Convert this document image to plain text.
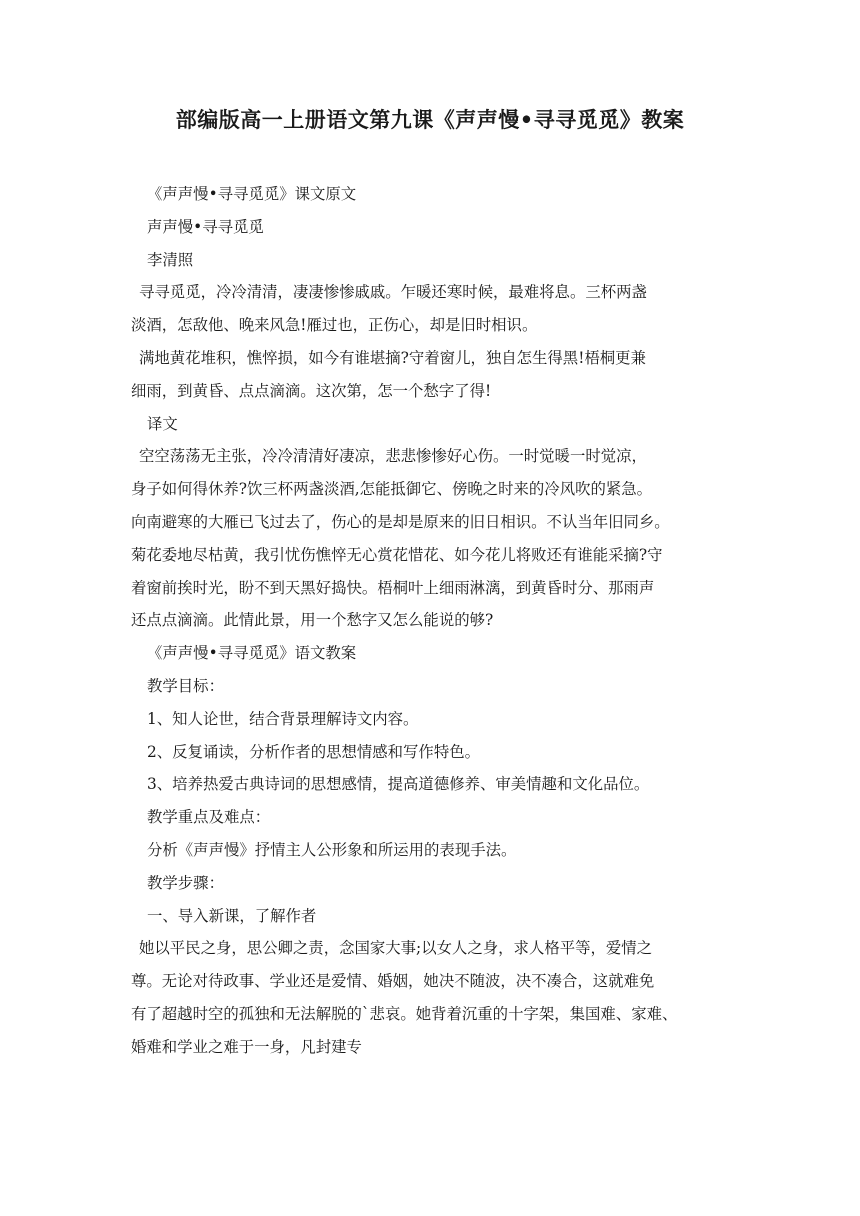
部编版高一上册语文第九课《声声慢•寻寻觅觅》教案
《声声慢•寻寻觅觅》课文原文
声声慢•寻寻觅觅
李清照
寻寻觅觅，冷冷清清，凄凄惨惨戚戚。乍暖还寒时候，最难将息。三杯两盏
淡酒，怎敌他、晚来风急!雁过也，正伤心，却是旧时相识。
满地黄花堆积，憔悴损，如今有谁堪摘?守着窗儿，独自怎生得黑!梧桐更兼
细雨，到黄昏、点点滴滴。这次第，怎一个愁字了得!
译文
空空荡荡无主张，冷冷清清好凄凉，悲悲惨惨好心伤。一时觉暖一时觉凉，
身子如何得休养?饮三杯两盏淡酒,怎能抵御它、傍晚之时来的冷风吹的紧急。
向南避寒的大雁已飞过去了，伤心的是却是原来的旧日相识。不认当年旧同乡。
菊花委地尽枯黄，我引忧伤憔悴无心赏花惜花、如今花儿将败还有谁能采摘?守
着窗前挨时光，盼不到天黑好捣快。梧桐叶上细雨淋漓，到黄昏时分、那雨声
还点点滴滴。此情此景，用一个愁字又怎么能说的够?
《声声慢•寻寻觅觅》语文教案
教学目标：
1、知人论世，结合背景理解诗文内容。
2、反复诵读，分析作者的思想情感和写作特色。
3、培养热爱古典诗词的思想感情，提高道德修养、审美情趣和文化品位。
教学重点及难点：
分析《声声慢》抒情主人公形象和所运用的表现手法。
教学步骤：
一、导入新课，了解作者
她以平民之身，思公卿之责，念国家大事;以女人之身，求人格平等，爱情之
尊。无论对待政事、学业还是爱情、婚姻，她决不随波，决不凑合，这就难免
有了超越时空的孤独和无法解脱的`悲哀。她背着沉重的十字架，集国难、家难、
婚难和学业之难于一身，凡封建专
